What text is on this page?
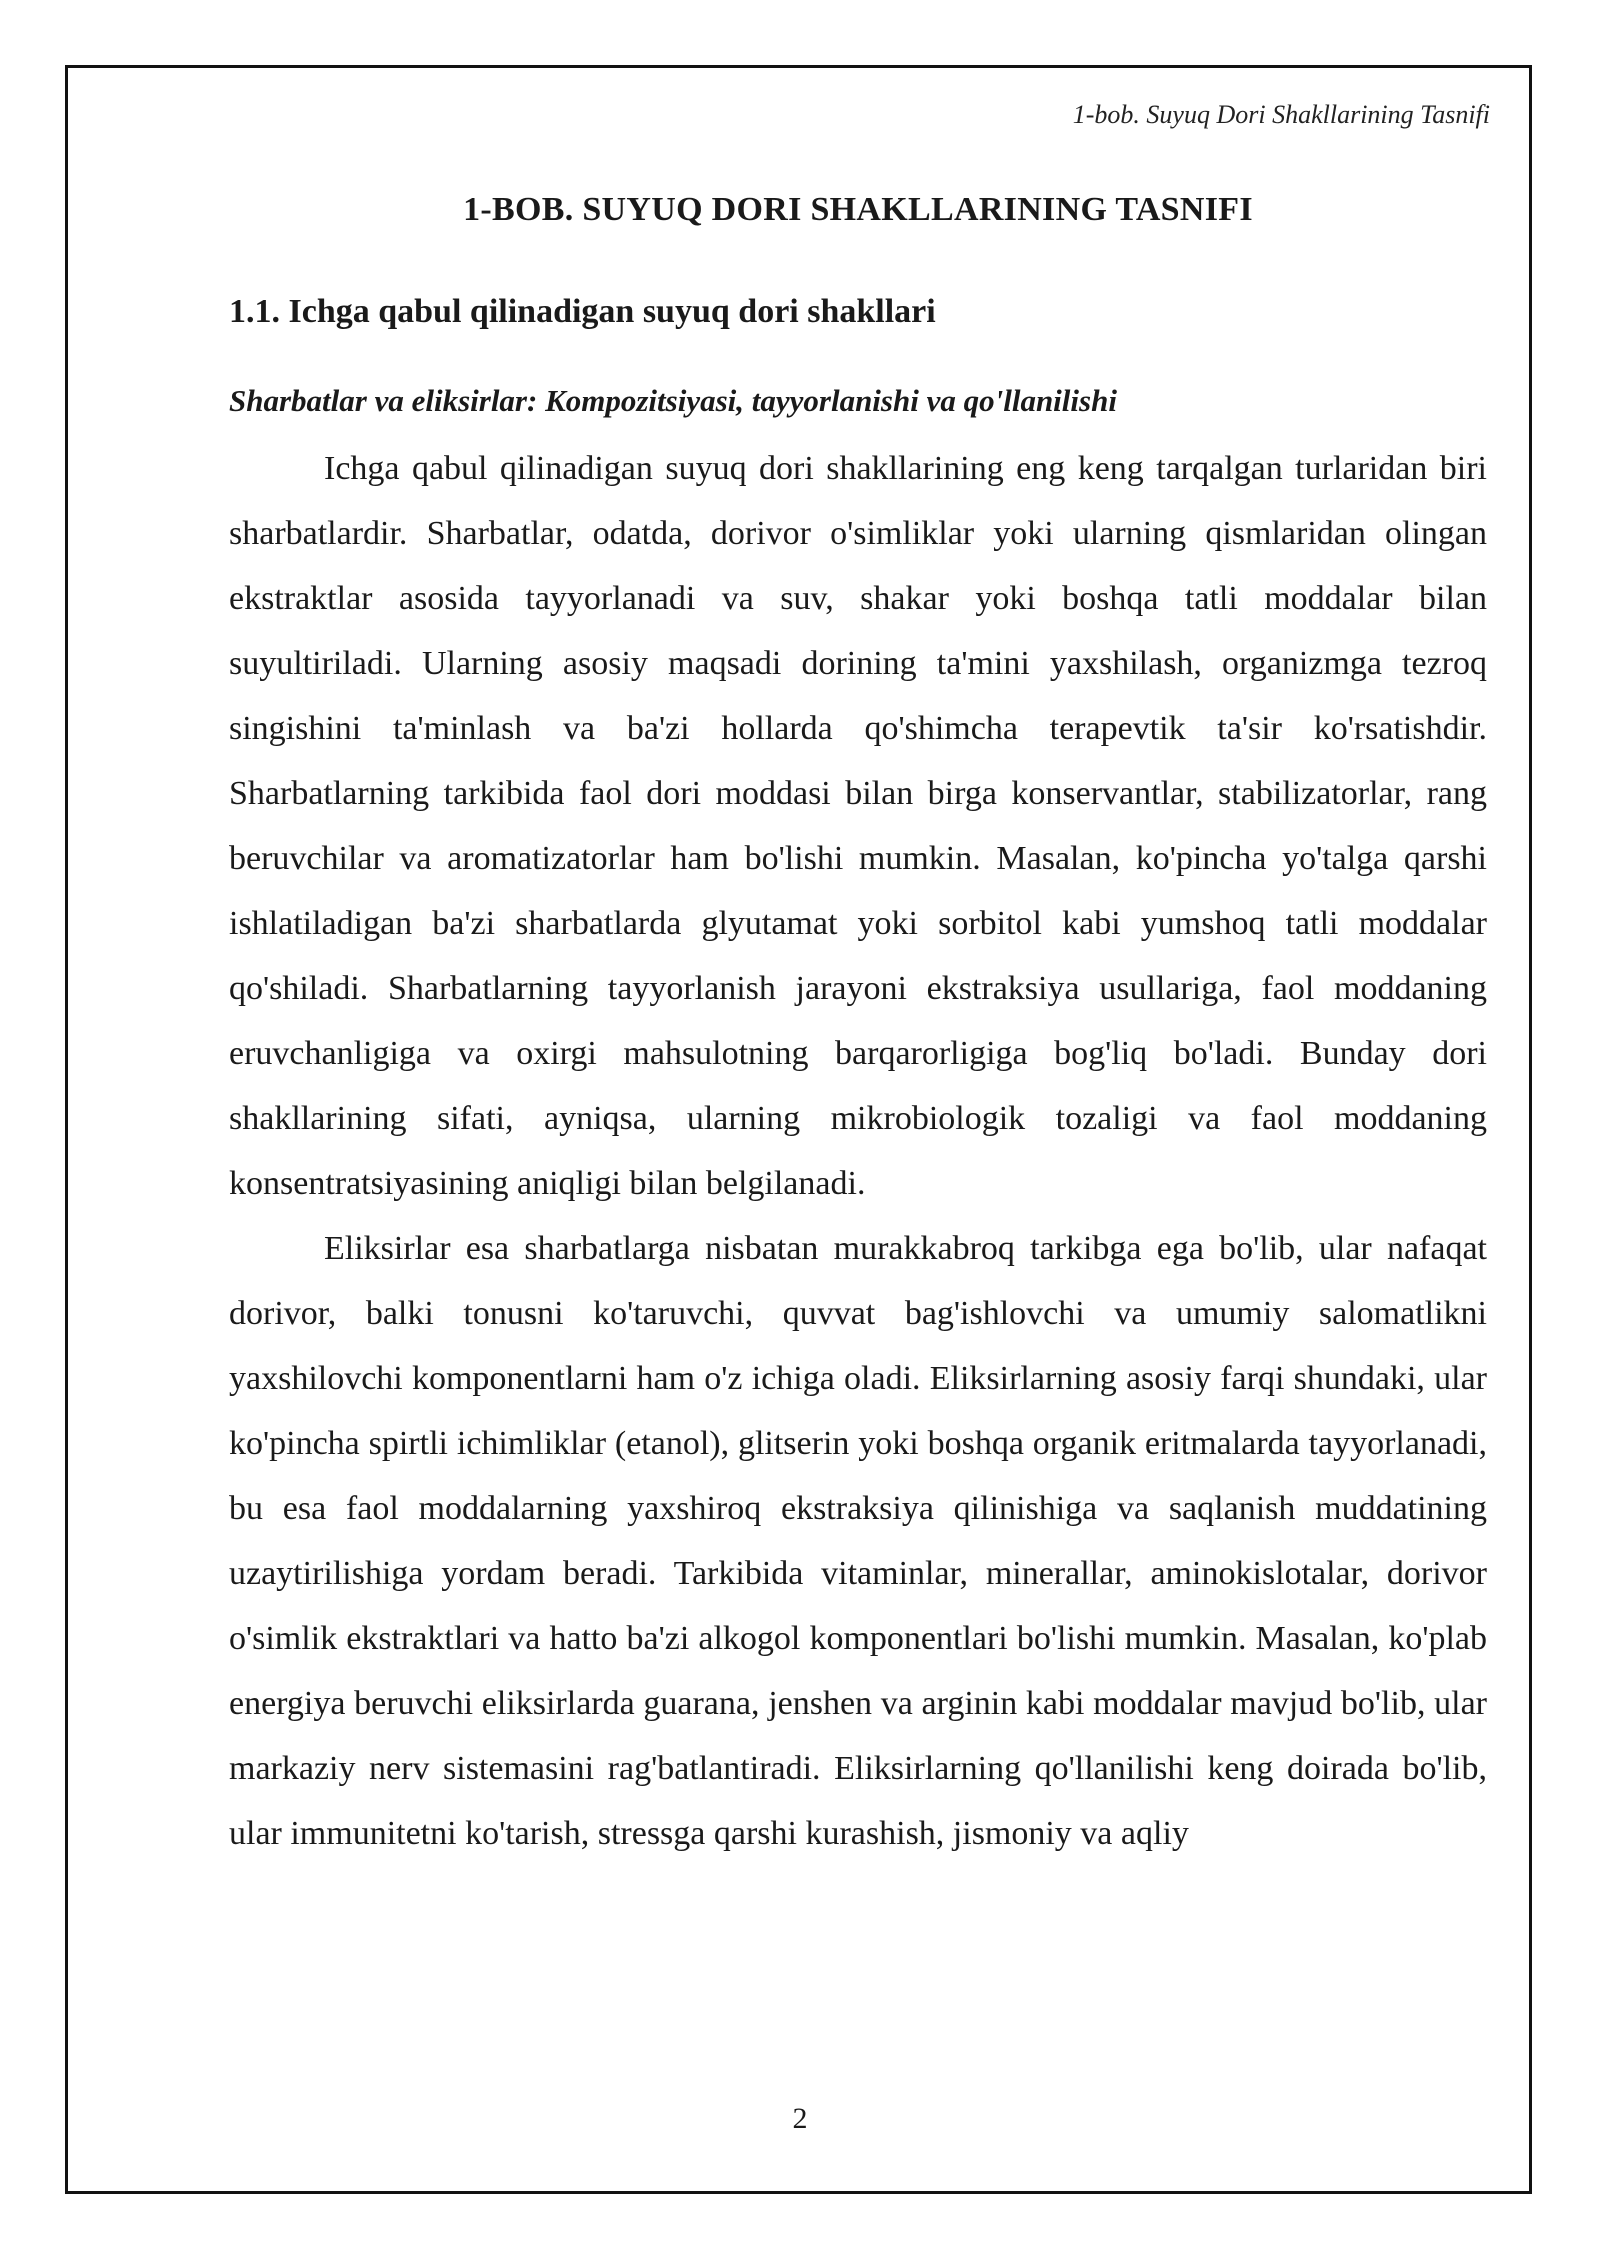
1-bob. Suyuq Dori Shakllarining Tasnifi
1-BOB. SUYUQ DORI SHAKLLARINING TASNIFI
1.1. Ichga qabul qilinadigan suyuq dori shakllari
Sharbatlar va eliksirlar: Kompozitsiyasi, tayyorlanishi va qo'llanilishi

Ichga qabul qilinadigan suyuq dori shakllarining eng keng tarqalgan turlaridan biri sharbatlardir. Sharbatlar, odatda, dorivor o'simliklar yoki ularning qismlaridan olingan ekstraktlar asosida tayyorlanadi va suv, shakar yoki boshqa tatli moddalar bilan suyultiriladi. Ularning asosiy maqsadi dorining ta'mini yaxshilash, organizmga tezroq singishini ta'minlash va ba'zi hollarda qo'shimcha terapevtik ta'sir ko'rsatishdir. Sharbatlarning tarkibida faol dori moddasi bilan birga konservantlar, stabilizatorlar, rang beruvchilar va aromatizatorlar ham bo'lishi mumkin. Masalan, ko'pincha yo'talga qarshi ishlatiladigan ba'zi sharbatlarda glyutamat yoki sorbitol kabi yumshoq tatli moddalar qo'shiladi. Sharbatlarning tayyorlanish jarayoni ekstraksiya usullariga, faol moddaning eruvchanligiga va oxirgi mahsulotning barqarorligiga bog'liq bo'ladi. Bunday dori shakllarining sifati, ayniqsa, ularning mikrobiologik tozaligi va faol moddaning konsentratsiyasining aniqligi bilan belgilanadi.

Eliksirlar esa sharbatlarga nisbatan murakkabroq tarkibga ega bo'lib, ular nafaqat dorivor, balki tonusni ko'taruvchi, quvvat bag'ishlovchi va umumiy salomatlikni yaxshilovchi komponentlarni ham o'z ichiga oladi. Eliksirlarning asosiy farqi shundaki, ular ko'pincha spirtli ichimliklar (etanol), glitserin yoki boshqa organik eritmalarda tayyorlanadi, bu esa faol moddalarning yaxshiroq ekstraksiya qilinishiga va saqlanish muddatining uzaytirilishiga yordam beradi. Tarkibida vitaminlar, minerallar, aminokislotalar, dorivor o'simlik ekstraktlari va hatto ba'zi alkogol komponentlari bo'lishi mumkin. Masalan, ko'plab energiya beruvchi eliksirlarda guarana, jenshen va arginin kabi moddalar mavjud bo'lib, ular markaziy nerv sistemasini rag'batlantiradi. Eliksirlarning qo'llanilishi keng doirada bo'lib, ular immunitetni ko'tarish, stressga qarshi kurashish, jismoniy va aqliy

2
